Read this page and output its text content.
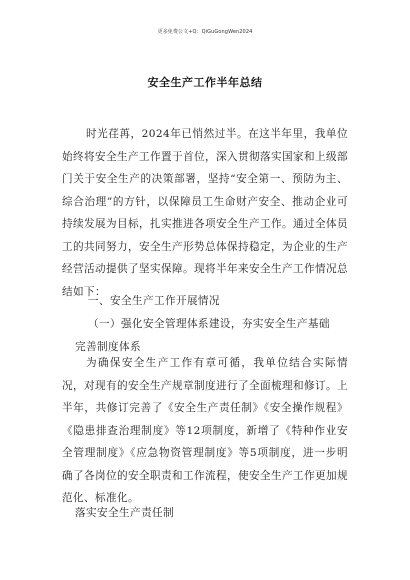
更多免费公文+Q：QiGuGongWen2024
安全生产工作半年总结
时光荏苒，2024年已悄然过半。在这半年里，我单位始终将安全生产工作置于首位，深入贯彻落实国家和上级部门关于安全生产的决策部署，坚持“安全第一、预防为主、综合治理”的方针，以保障员工生命财产安全、推动企业可持续发展为目标，扎实推进各项安全生产工作。通过全体员工的共同努力，安全生产形势总体保持稳定，为企业的生产经营活动提供了坚实保障。现将半年来安全生产工作情况总结如下：
一、安全生产工作开展情况
（一）强化安全管理体系建设，夯实安全生产基础
完善制度体系
为确保安全生产工作有章可循，我单位结合实际情况，对现有的安全生产规章制度进行了全面梳理和修订。上半年，共修订完善了《安全生产责任制》《安全操作规程》《隐患排查治理制度》等12项制度，新增了《特种作业安全管理制度》《应急物资管理制度》等5项制度，进一步明确了各岗位的安全职责和工作流程，使安全生产工作更加规范化、标准化。
落实安全生产责任制
